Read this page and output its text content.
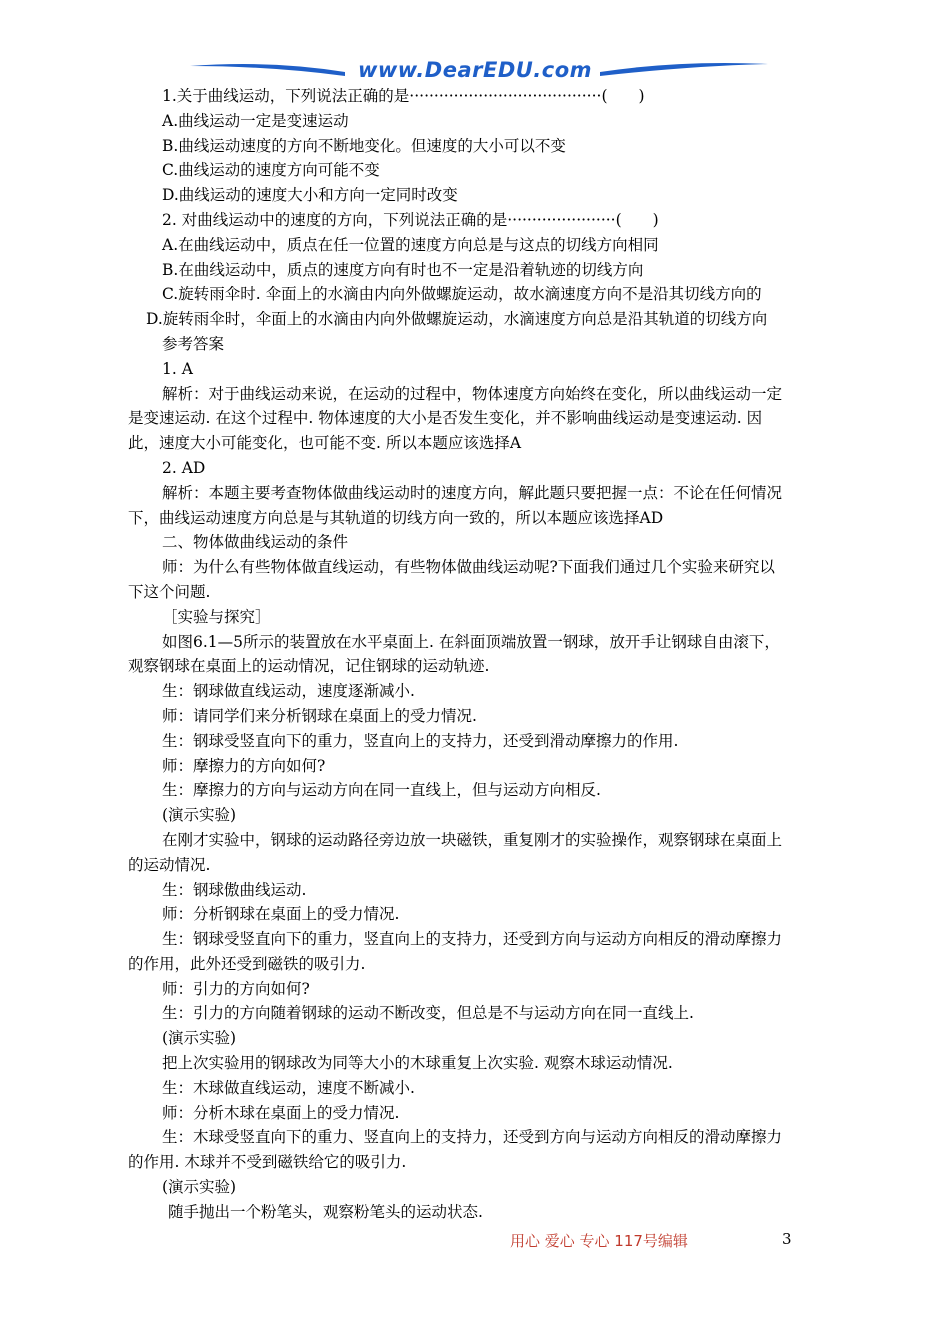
www.DearEDU.com

1.关于曲线运动，下列说法正确的是·······································(　　)

A.曲线运动一定是变速运动

B.曲线运动速度的方向不断地变化。但速度的大小可以不变

C.曲线运动的速度方向可能不变

D.曲线运动的速度大小和方向一定同时改变

2. 对曲线运动中的速度的方向，下列说法正确的是······················(　　)

A.在曲线运动中，质点在任一位置的速度方向总是与这点的切线方向相同

B.在曲线运动中，质点的速度方向有时也不一定是沿着轨迹的切线方向

C.旋转雨伞时. 伞面上的水滴由内向外做螺旋运动，故水滴速度方向不是沿其切线方向的

D.旋转雨伞时，伞面上的水滴由内向外做螺旋运动，水滴速度方向总是沿其轨道的切线方向

参考答案

1. A

解析：对于曲线运动来说，在运动的过程中，物体速度方向始终在变化，所以曲线运动一定

是变速运动. 在这个过程中. 物体速度的大小是否发生变化，并不影响曲线运动是变速运动. 因

此，速度大小可能变化，也可能不变. 所以本题应该选择A

2. AD

解析：本题主要考查物体做曲线运动时的速度方向，解此题只要把握一点：不论在任何情况

下，曲线运动速度方向总是与其轨道的切线方向一致的，所以本题应该选择AD

二、物体做曲线运动的条件

师：为什么有些物体做直线运动，有些物体做曲线运动呢?下面我们通过几个实验来研究以

下这个问题.

［实验与探究］

如图6.1—5所示的装置放在水平桌面上. 在斜面顶端放置一钢球，放开手让钢球自由滚下，

观察钢球在桌面上的运动情况，记住钢球的运动轨迹.

生：钢球做直线运动，速度逐渐减小.

师：请同学们来分析钢球在桌面上的受力情况.

生：钢球受竖直向下的重力，竖直向上的支持力，还受到滑动摩擦力的作用.

师：摩擦力的方向如何?

生：摩擦力的方向与运动方向在同一直线上，但与运动方向相反.

(演示实验)

在刚才实验中，钢球的运动路径旁边放一块磁铁，重复刚才的实验操作，观察钢球在桌面上

的运动情况.

生：钢球傲曲线运动.

师：分析钢球在桌面上的受力情况.

生：钢球受竖直向下的重力，竖直向上的支持力，还受到方向与运动方向相反的滑动摩擦力

的作用，此外还受到磁铁的吸引力.

师：引力的方向如何?

生：引力的方向随着钢球的运动不断改变，但总是不与运动方向在同一直线上.

(演示实验)

把上次实验用的钢球改为同等大小的木球重复上次实验. 观察木球运动情况.

生：木球做直线运动，速度不断减小.

师：分析木球在桌面上的受力情况.

生：木球受竖直向下的重力、竖直向上的支持力，还受到方向与运动方向相反的滑动摩擦力

的作用. 木球并不受到磁铁给它的吸引力.

(演示实验)

随手抛出一个粉笔头，观察粉笔头的运动状态.

用心 爱心 专心 117号编辑	3
